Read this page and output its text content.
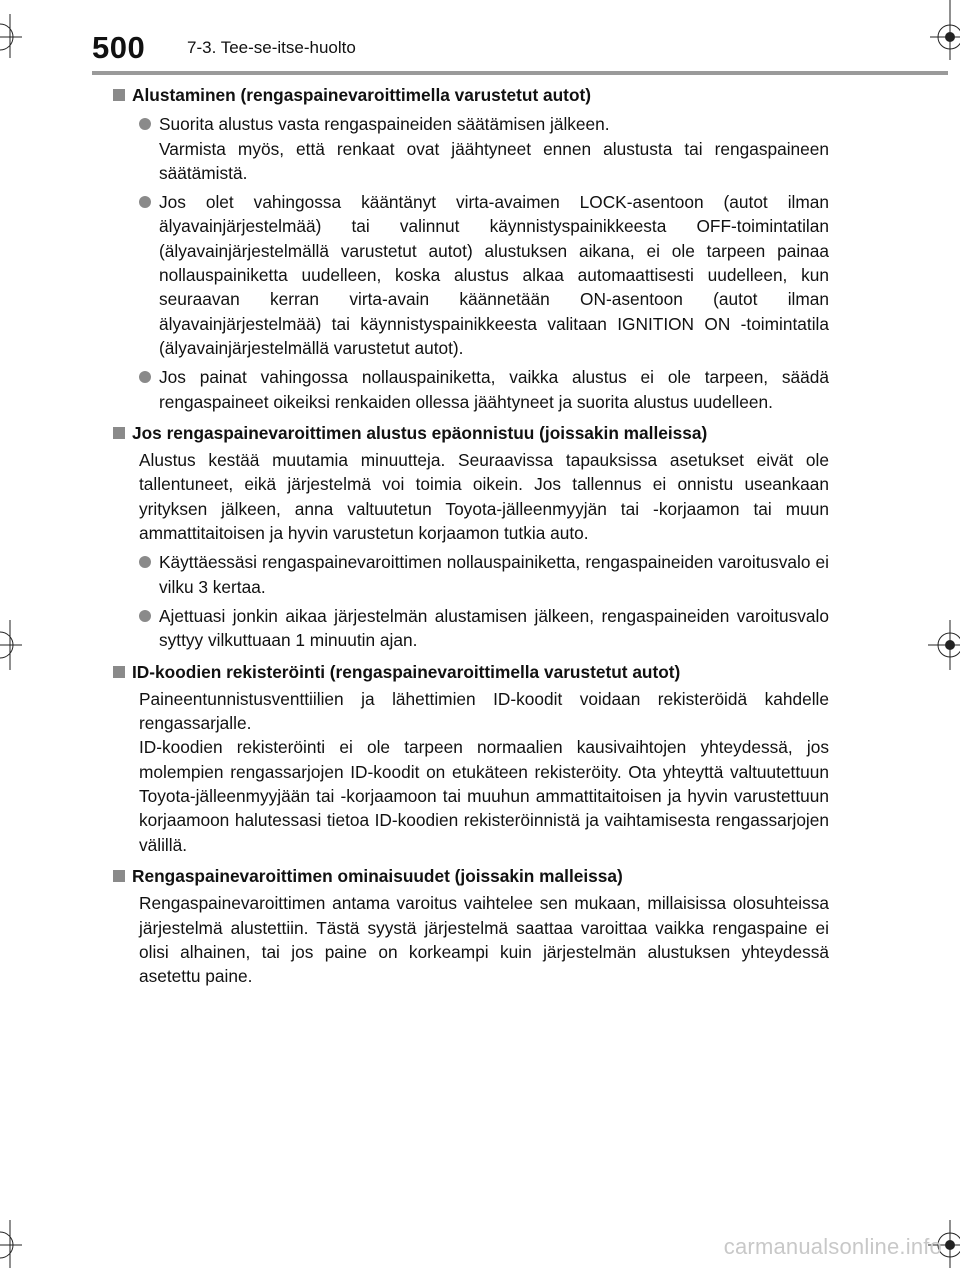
500 7-3. Tee-se-itse-huolto
Alustaminen (rengaspainevaroittimella varustetut autot)

Suorita alustus vasta rengaspaineiden säätämisen jälkeen.

Varmista myös, että renkaat ovat jäähtyneet ennen alustusta tai rengaspaineen säätämistä.

Jos olet vahingossa kääntänyt virta-avaimen LOCK-asentoon (autot ilman älyavainjärjestelmää) tai valinnut käynnistyspainikkeesta OFF-toimintatilan (älyavainjärjestelmällä varustetut autot) alustuksen aikana, ei ole tarpeen painaa nollauspainiketta uudelleen, koska alustus alkaa automaattisesti uudelleen, kun seuraavan kerran virta-avain käännetään ON-asentoon (autot ilman älyavainjärjestelmää) tai käynnistyspainikkeesta valitaan IGNITION ON -toimintatila (älyavainjärjestelmällä varustetut autot).

Jos painat vahingossa nollauspainiketta, vaikka alustus ei ole tarpeen, säädä rengaspaineet oikeiksi renkaiden ollessa jäähtyneet ja suorita alustus uudelleen.

Jos rengaspainevaroittimen alustus epäonnistuu (joissakin malleissa)

Alustus kestää muutamia minuutteja. Seuraavissa tapauksissa asetukset eivät ole tallentuneet, eikä järjestelmä voi toimia oikein. Jos tallennus ei onnistu useankaan yrityksen jälkeen, anna valtuutetun Toyota-jälleenmyyjän tai -korjaamon tai muun ammattitaitoisen ja hyvin varustetun korjaamon tutkia auto.

Käyttäessäsi rengaspainevaroittimen nollauspainiketta, rengaspaineiden varoitusvalo ei vilku 3 kertaa.

Ajettuasi jonkin aikaa järjestelmän alustamisen jälkeen, rengaspaineiden varoitusvalo syttyy vilkuttuaan 1 minuutin ajan.

ID-koodien rekisteröinti (rengaspainevaroittimella varustetut autot)

Paineentunnistusventtiilien ja lähettimien ID-koodit voidaan rekisteröidä kahdelle rengassarjalle.

ID-koodien rekisteröinti ei ole tarpeen normaalien kausivaihtojen yhteydessä, jos molempien rengassarjojen ID-koodit on etukäteen rekisteröity. Ota yhteyttä valtuutettuun Toyota-jälleenmyyjään tai -korjaamoon tai muuhun ammattitaitoisen ja hyvin varustettuun korjaamoon halutessasi tietoa ID-koodien rekisteröinnistä ja vaihtamisesta rengassarjojen välillä.

Rengaspainevaroittimen ominaisuudet (joissakin malleissa)

Rengaspainevaroittimen antama varoitus vaihtelee sen mukaan, millaisissa olosuhteissa järjestelmä alustettiin. Tästä syystä järjestelmä saattaa varoittaa vaikka rengaspaine ei olisi alhainen, tai jos paine on korkeampi kuin järjestelmän alustuksen yhteydessä asetettu paine.

carmanualsonline.info
